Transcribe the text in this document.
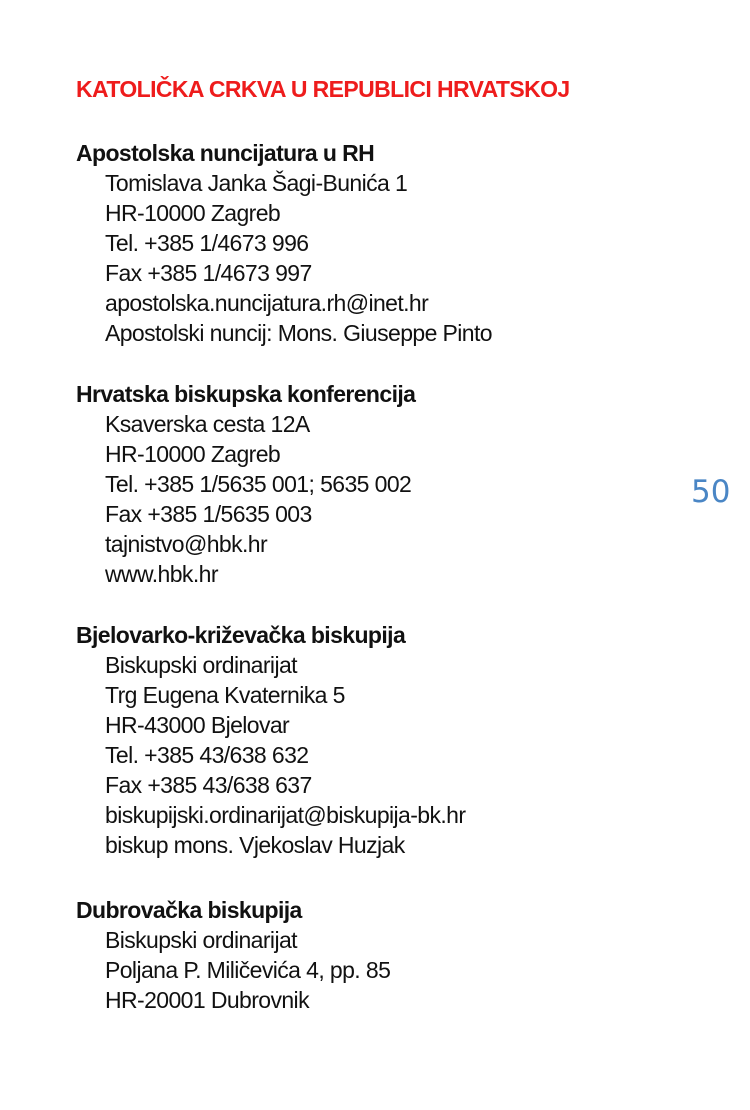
KATOLIČKA CRKVA U REPUBLICI HRVATSKOJ
Apostolska nuncijatura u RH
Tomislava Janka Šagi-Bunića 1
HR-10000 Zagreb
Tel. +385 1/4673 996
Fax +385 1/4673 997
apostolska.nuncijatura.rh@inet.hr
Apostolski nuncij: Mons. Giuseppe Pinto
Hrvatska biskupska konferencija
Ksaverska cesta 12A
HR-10000 Zagreb
Tel. +385 1/5635 001; 5635 002
Fax +385 1/5635 003
tajnistvo@hbk.hr
www.hbk.hr
Bjelovarko-križevačka biskupija
Biskupski ordinarijat
Trg Eugena Kvaternika 5
HR-43000 Bjelovar
Tel. +385 43/638 632
Fax +385 43/638 637
biskupijski.ordinarijat@biskupija-bk.hr
biskup mons. Vjekoslav Huzjak
Dubrovačka biskupija
Biskupski ordinarijat
Poljana P. Miličevića 4, pp. 85
HR-20001 Dubrovnik
50
